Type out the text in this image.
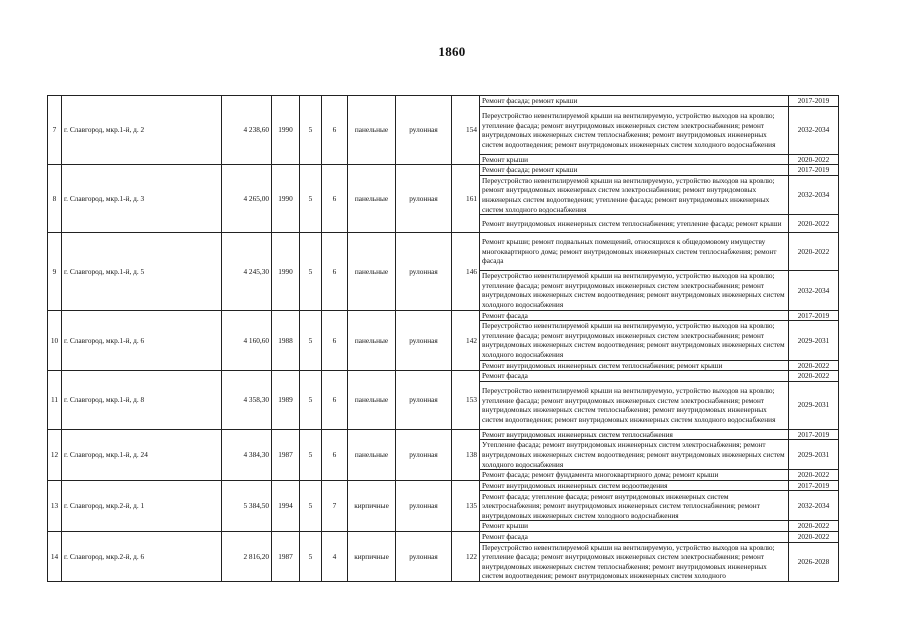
1860
7	г. Славгород, мкр.1-й, д. 2	4 238,60	1990	5	6	панельные	рулонная	154	Ремонт фасада; ремонт крыши	2017-2019
									Переустройство невентилируемой крыши на вентилируемую, устройство выходов на кровлю; утепление фасада; ремонт внутридомовых инженерных систем электроснабжения; ремонт внутридомовых инженерных систем теплоснабжения; ремонт внутридомовых инженерных систем водоотведения; ремонт внутридомовых инженерных систем холодного водоснабжения	2032-2034
									Ремонт крыши	2020-2022
8	г. Славгород, мкр.1-й, д. 3	4 265,00	1990	5	6	панельные	рулонная	161	Ремонт фасада; ремонт крыши	2017-2019
									Переустройство невентилируемой крыши на вентилируемую, устройство выходов на кровлю; ремонт внутридомовых инженерных систем электроснабжения; ремонт внутридомовых инженерных систем водоотведения; утепление фасада; ремонт внутридомовых инженерных систем холодного водоснабжения	2032-2034
									Ремонт внутридомовых инженерных систем теплоснабжения; утепление фасада; ремонт крыши	2020-2022
9	г. Славгород, мкр.1-й, д. 5	4 245,30	1990	5	6	панельные	рулонная	146	Ремонт крыши; ремонт подвальных помещений, относящихся к общедомовому имуществу многоквартирного дома; ремонт внутридомовых инженерных систем теплоснабжения; ремонт фасада	2020-2022
									Переустройство невентилируемой крыши на вентилируемую, устройство выходов на кровлю; утепление фасада; ремонт внутридомовых инженерных систем электроснабжения; ремонт внутридомовых инженерных систем водоотведения; ремонт внутридомовых инженерных систем холодного водоснабжения	2032-2034
10	г. Славгород, мкр.1-й, д. 6	4 160,60	1988	5	6	панельные	рулонная	142	Ремонт фасада	2017-2019
									Переустройство невентилируемой крыши на вентилируемую, устройство выходов на кровлю; утепление фасада; ремонт внутридомовых инженерных систем электроснабжения; ремонт внутридомовых инженерных систем водоотведения; ремонт внутридомовых инженерных систем холодного водоснабжения	2029-2031
									Ремонт внутридомовых инженерных систем теплоснабжения; ремонт крыши	2020-2022
11	г. Славгород, мкр.1-й, д. 8	4 358,30	1989	5	6	панельные	рулонная	153	Ремонт фасада	2020-2022
									Переустройство невентилируемой крыши на вентилируемую, устройство выходов на кровлю; утепление фасада; ремонт внутридомовых инженерных систем электроснабжения; ремонт внутридомовых инженерных систем теплоснабжения; ремонт внутридомовых инженерных систем водоотведения; ремонт внутридомовых инженерных систем холодного водоснабжения	2029-2031
12	г. Славгород, мкр.1-й, д. 24	4 384,30	1987	5	6	панельные	рулонная	138	Ремонт внутридомовых инженерных систем теплоснабжения	2017-2019
									Утепление фасада; ремонт внутридомовых инженерных систем электроснабжения; ремонт внутридомовых инженерных систем водоотведения; ремонт внутридомовых инженерных систем холодного водоснабжения	2029-2031
									Ремонт фасада; ремонт фундамента многоквартирного дома; ремонт крыши	2020-2022
13	г. Славгород, мкр.2-й, д. 1	5 384,50	1994	5	7	кирпичные	рулонная	135	Ремонт внутридомовых инженерных систем водоотведения	2017-2019
									Ремонт фасада; утепление фасада; ремонт внутридомовых инженерных систем электроснабжения; ремонт внутридомовых инженерных систем теплоснабжения; ремонт внутридомовых инженерных систем холодного водоснабжения	2032-2034
									Ремонт крыши	2020-2022
14	г. Славгород, мкр.2-й, д. 6	2 816,20	1987	5	4	кирпичные	рулонная	122	Ремонт фасада	2020-2022
									Переустройство невентилируемой крыши на вентилируемую, устройство выходов на кровлю; утепление фасада; ремонт внутридомовых инженерных систем электроснабжения; ремонт внутридомовых инженерных систем теплоснабжения; ремонт внутридомовых инженерных систем водоотведения; ремонт внутридомовых инженерных систем холодного	2026-2028
